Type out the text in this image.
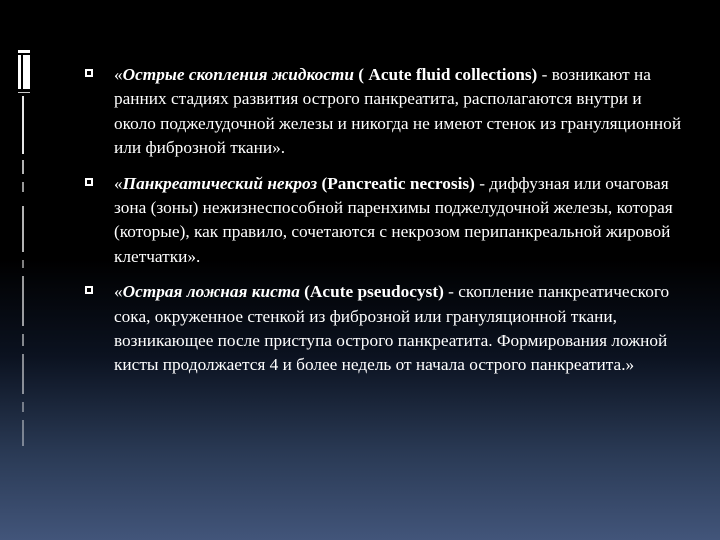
«Острые скопления жидкости ( Acute fluid collections) - возникают на ранних стадиях развития острого панкреатита, располагаются внутри и около поджелудочной железы и никогда не имеют стенок из грануляционной или фиброзной ткани».
«Панкреатический некроз (Pancreatic necrosis) - диффузная или очаговая зона (зоны) нежизнеспособной паренхимы поджелудочной железы, которая (которые), как правило, сочетаются с некрозом перипанкреальной жировой клетчатки».
«Острая ложная киста (Acute pseudocyst) - скопление панкреатического сока, окруженное стенкой из фиброзной или грануляционной ткани, возникающее после приступа острого панкреатита. Формирования ложной кисты продолжается 4 и более недель от начала острого панкреатита.»
